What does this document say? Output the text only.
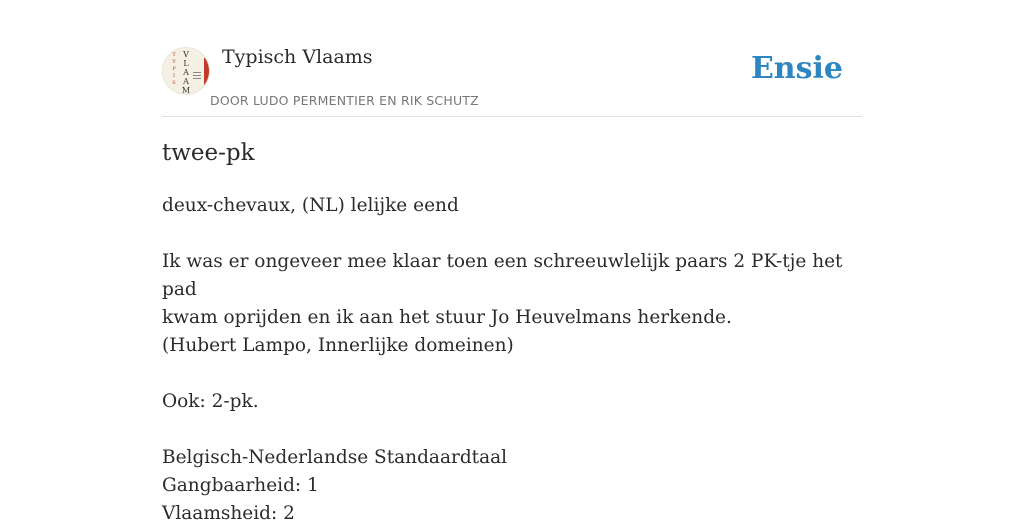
T
Y
P
I
S
V
L
A
A
M
Typisch Vlaams
DOOR LUDO PERMENTIER EN RIK SCHUTZ
Ensie
twee-pk

deux-chevaux, (NL) lelijke eend

Ik was er ongeveer mee klaar toen een schreeuwlelijk paars 2 PK-tje het pad

kwam oprijden en ik aan het stuur Jo Heuvelmans herkende.

(Hubert Lampo, Innerlijke domeinen)

Ook: 2-pk.

Belgisch-Nederlandse Standaardtaal

Gangbaarheid: 1

Vlaamsheid: 2
